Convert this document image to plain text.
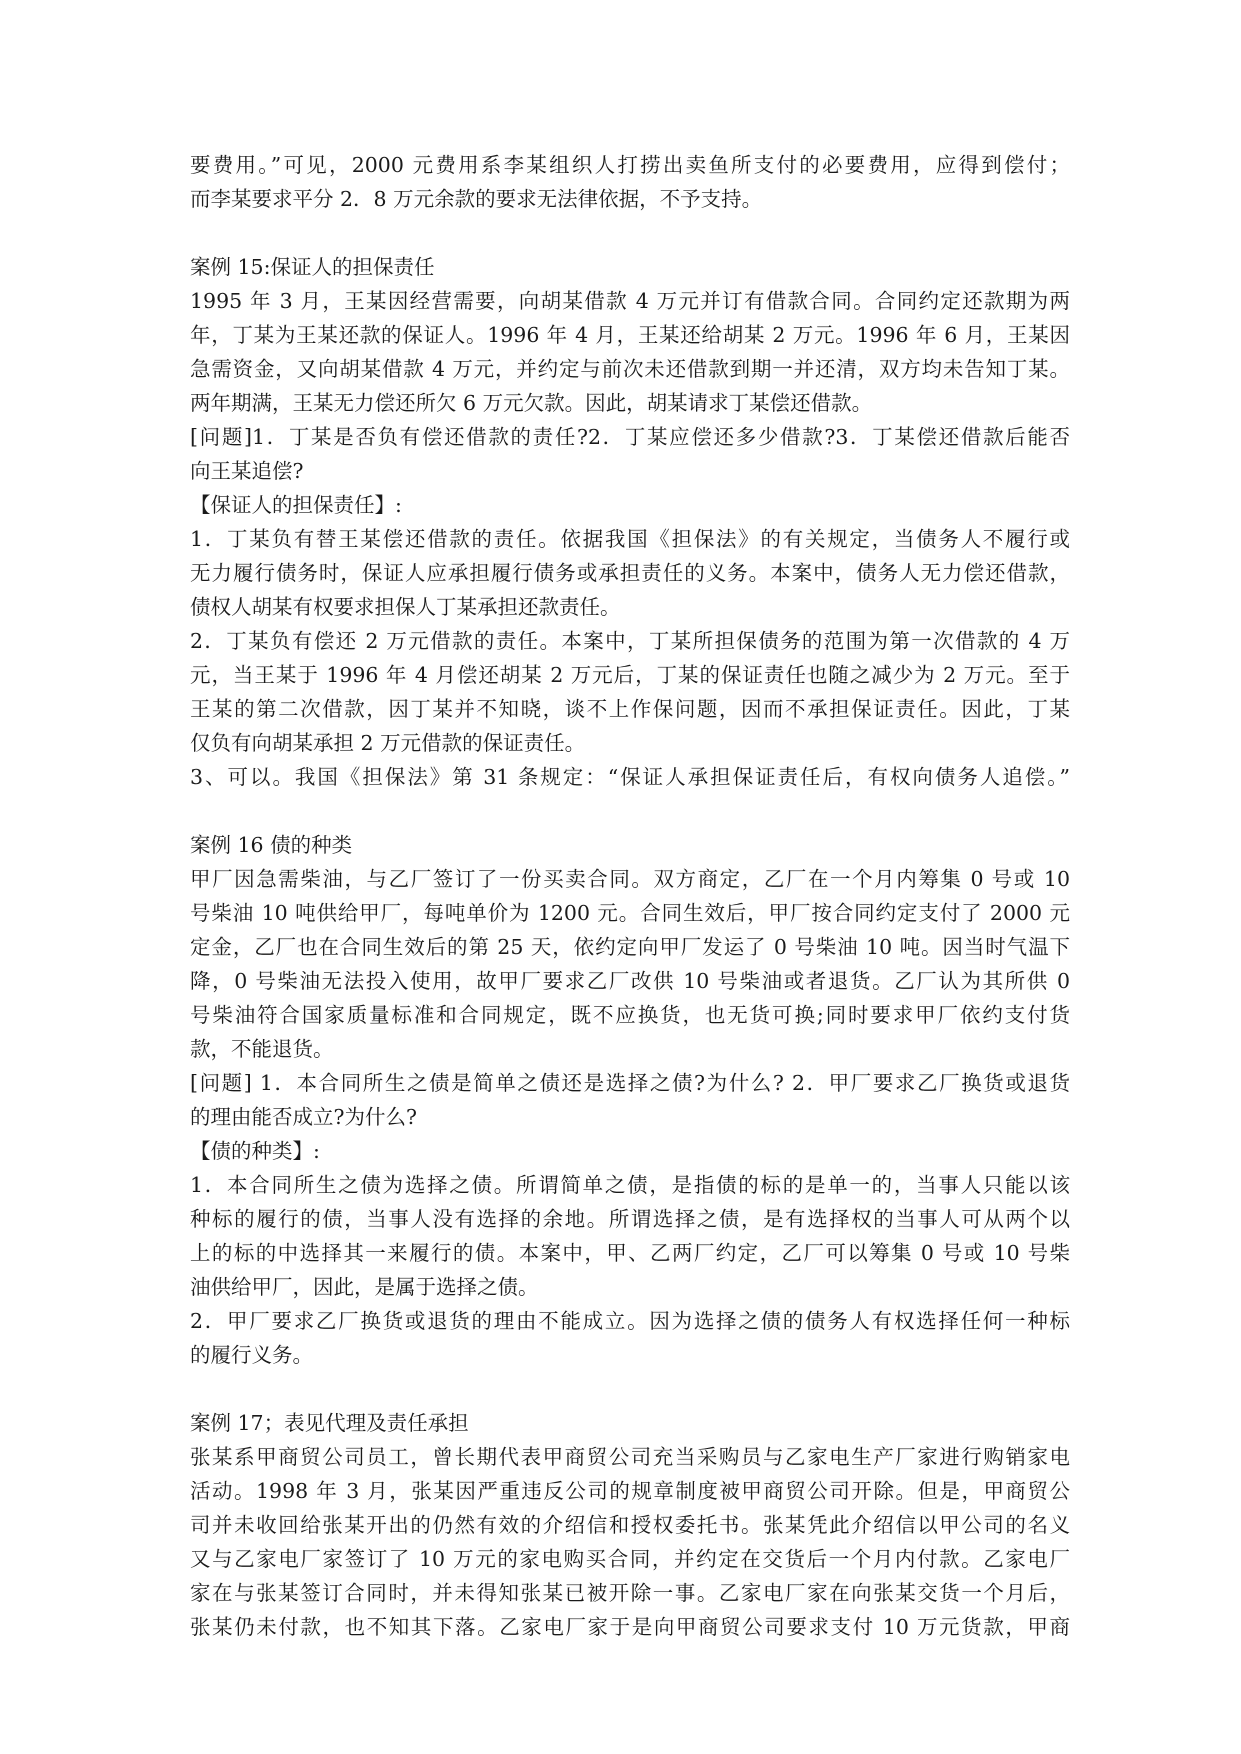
要费用。”可见，2000 元费用系李某组织人打捞出卖鱼所支付的必要费用，应得到偿付；
而李某要求平分 2．8 万元余款的要求无法律依据，不予支持。
案例 15:保证人的担保责任
1995 年 3 月，王某因经营需要，向胡某借款 4 万元并订有借款合同。合同约定还款期为两
年，丁某为王某还款的保证人。1996 年 4 月，王某还给胡某 2 万元。1996 年 6 月，王某因
急需资金，又向胡某借款 4 万元，并约定与前次未还借款到期一并还清，双方均未告知丁某。
两年期满，王某无力偿还所欠 6 万元欠款。因此，胡某请求丁某偿还借款。
[问题]1．丁某是否负有偿还借款的责任?2．丁某应偿还多少借款?3．丁某偿还借款后能否
向王某追偿?
【保证人的担保责任】:
1．丁某负有替王某偿还借款的责任。依据我国《担保法》的有关规定，当债务人不履行或
无力履行债务时，保证人应承担履行债务或承担责任的义务。本案中，债务人无力偿还借款，
债权人胡某有权要求担保人丁某承担还款责任。
2．丁某负有偿还 2 万元借款的责任。本案中，丁某所担保债务的范围为第一次借款的 4 万
元，当王某于 1996 年 4 月偿还胡某 2 万元后，丁某的保证责任也随之减少为 2 万元。至于
王某的第二次借款，因丁某并不知晓，谈不上作保问题，因而不承担保证责任。因此，丁某
仅负有向胡某承担 2 万元借款的保证责任。
3、可以。我国《担保法》第 31 条规定：“保证人承担保证责任后，有权向债务人追偿。”
案例 16 债的种类
甲厂因急需柴油，与乙厂签订了一份买卖合同。双方商定，乙厂在一个月内筹集 0 号或 10
号柴油 10 吨供给甲厂，每吨单价为 1200 元。合同生效后，甲厂按合同约定支付了 2000 元
定金，乙厂也在合同生效后的第 25 天，依约定向甲厂发运了 0 号柴油 10 吨。因当时气温下
降，0 号柴油无法投入使用，故甲厂要求乙厂改供 10 号柴油或者退货。乙厂认为其所供 0
号柴油符合国家质量标准和合同规定，既不应换货，也无货可换;同时要求甲厂依约支付货
款，不能退货。
[问题] 1．本合同所生之债是简单之债还是选择之债?为什么? 2．甲厂要求乙厂换货或退货
的理由能否成立?为什么?
【债的种类】:
1．本合同所生之债为选择之债。所谓简单之债，是指债的标的是单一的，当事人只能以该
种标的履行的债，当事人没有选择的余地。所谓选择之债，是有选择权的当事人可从两个以
上的标的中选择其一来履行的债。本案中，甲、乙两厂约定，乙厂可以筹集 0 号或 10 号柴
油供给甲厂，因此，是属于选择之债。
2．甲厂要求乙厂换货或退货的理由不能成立。因为选择之债的债务人有权选择任何一种标
的履行义务。
案例 17；表见代理及责任承担
张某系甲商贸公司员工，曾长期代表甲商贸公司充当采购员与乙家电生产厂家进行购销家电
活动。1998 年 3 月，张某因严重违反公司的规章制度被甲商贸公司开除。但是，甲商贸公
司并未收回给张某开出的仍然有效的介绍信和授权委托书。张某凭此介绍信以甲公司的名义
又与乙家电厂家签订了 10 万元的家电购买合同，并约定在交货后一个月内付款。乙家电厂
家在与张某签订合同时，并未得知张某已被开除一事。乙家电厂家在向张某交货一个月后，
张某仍未付款，也不知其下落。乙家电厂家于是向甲商贸公司要求支付 10 万元货款，甲商
